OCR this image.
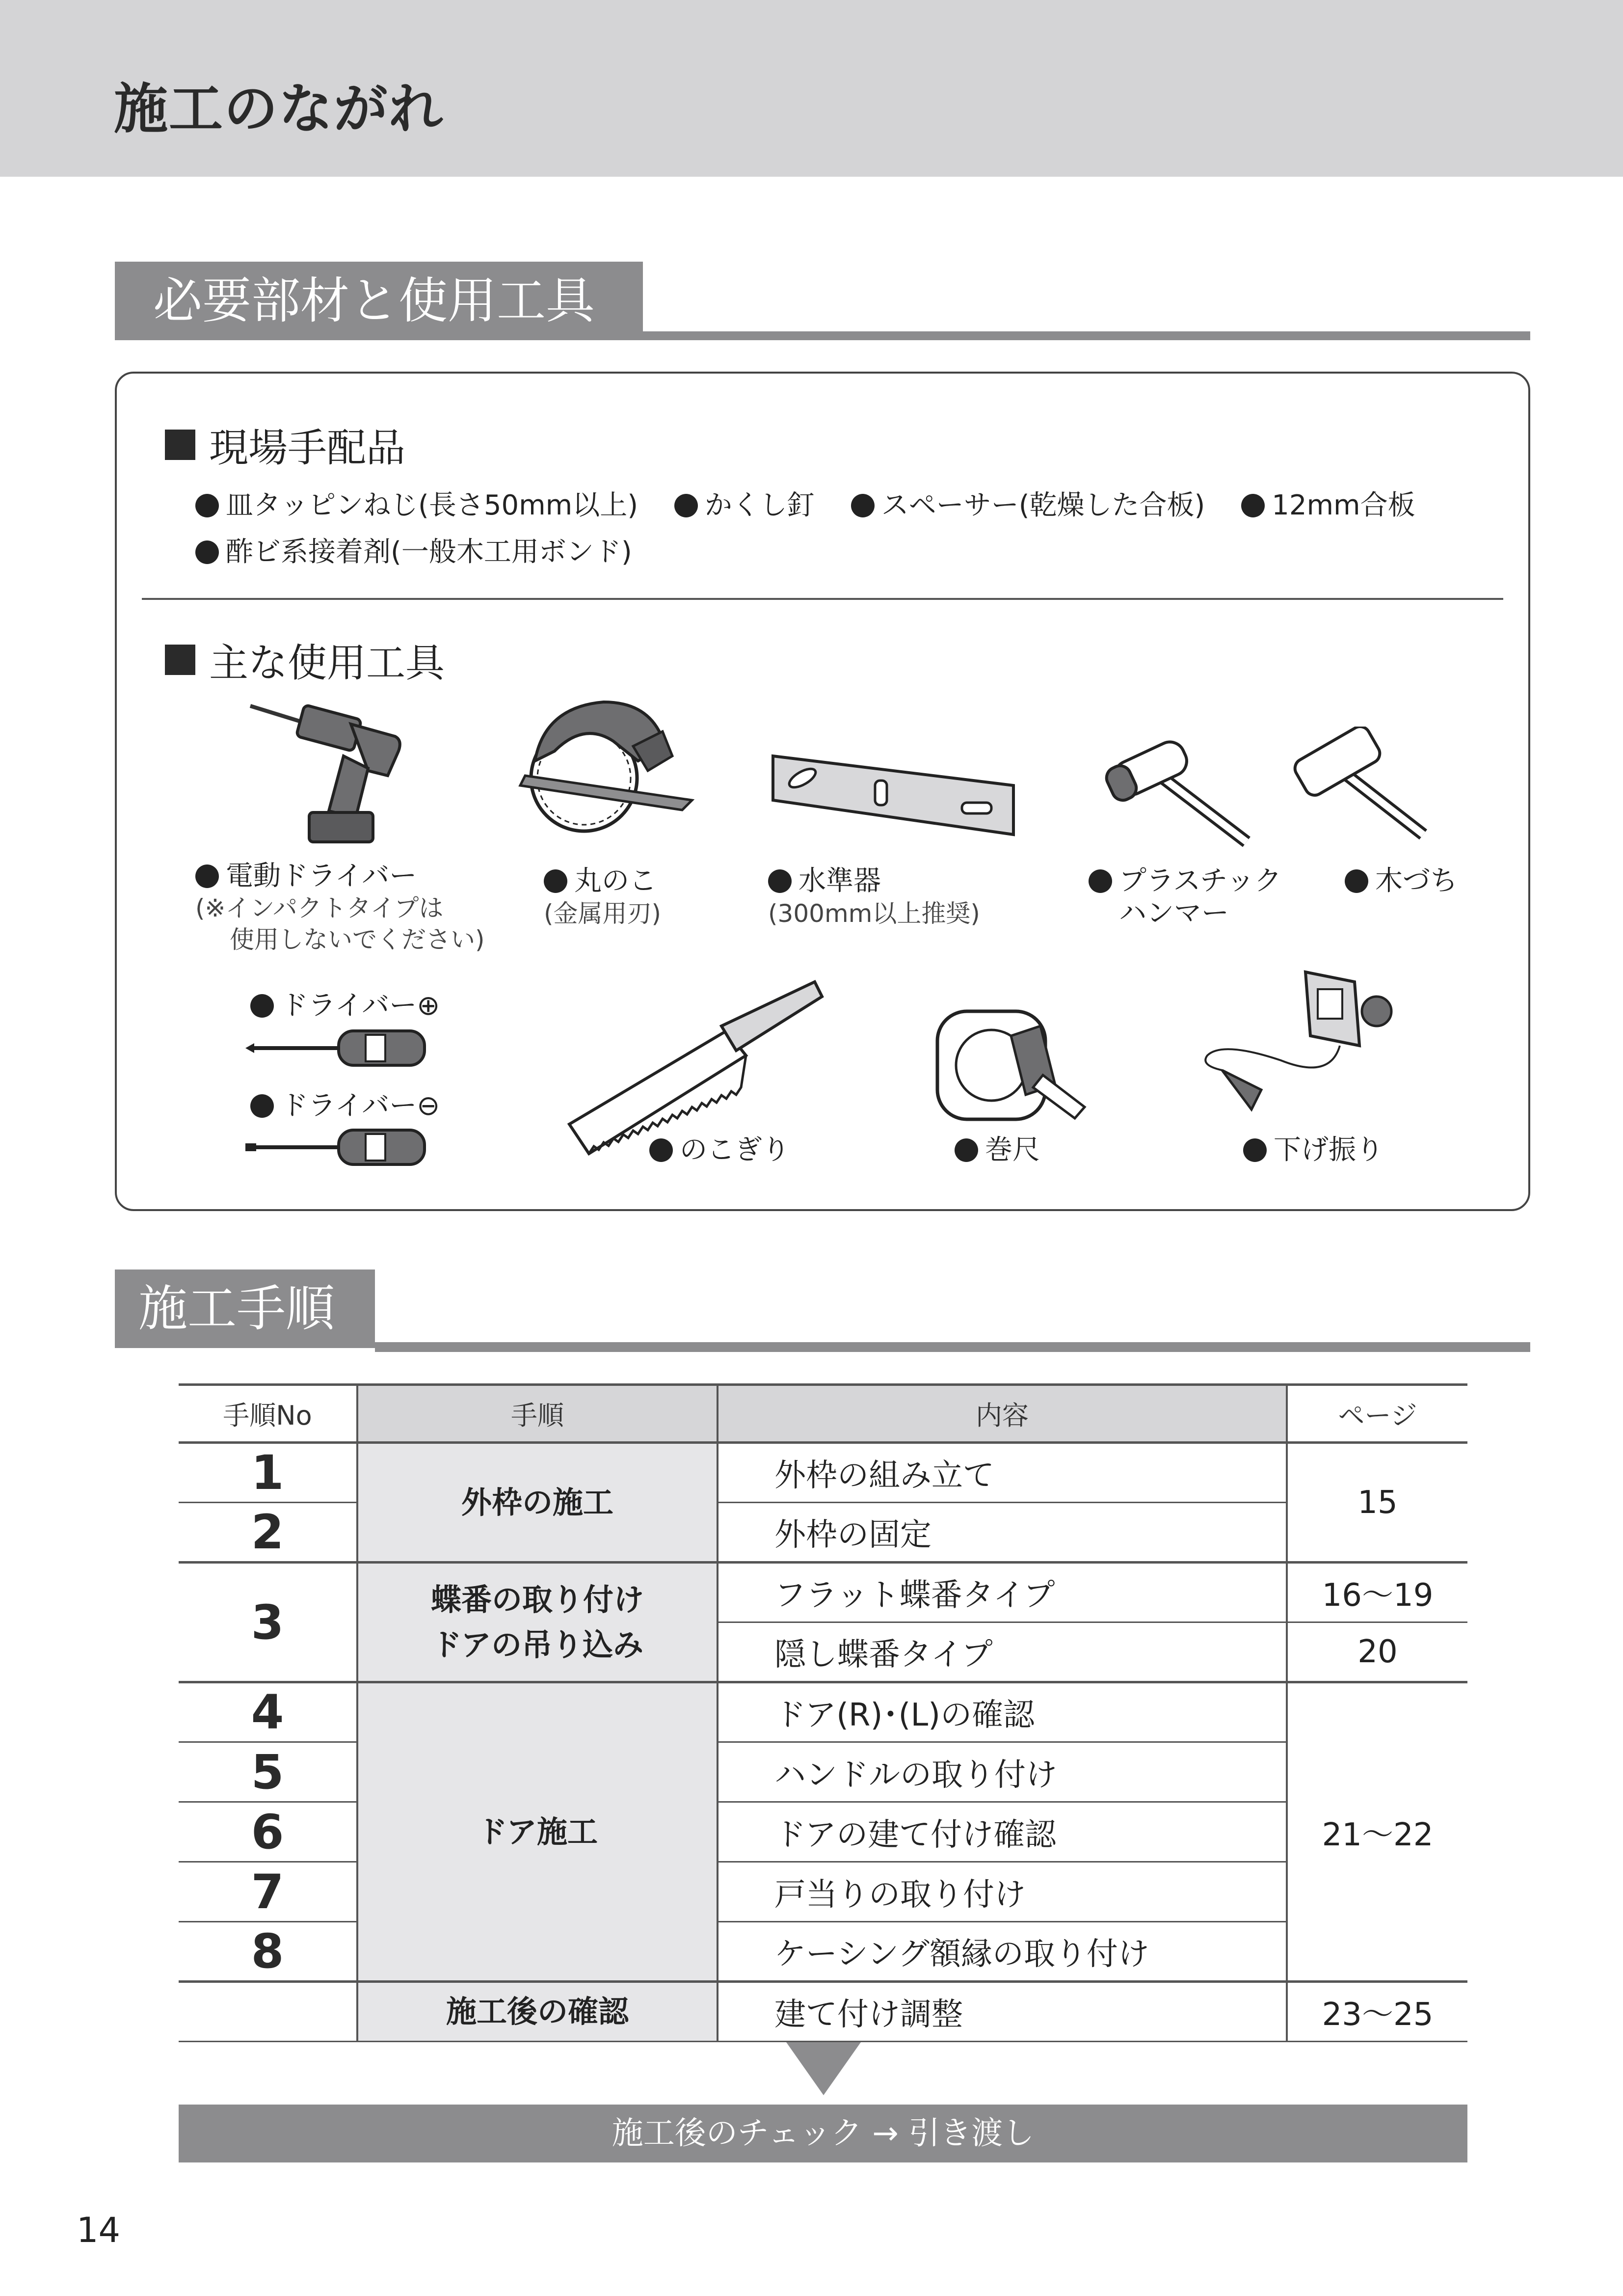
施工のながれ
必要部材と使用工具
現場手配品
皿タッピンねじ(長さ50mm以上) かくし釘 スペーサー(乾燥した合板) 12mm合板
酢ビ系接着剤(一般木工用ボンド)
主な使用工具
電動ドライバー
(※インパクトタイプは
使用しないでください)
丸のこ
(金属用刃)
水準器
(300mm以上推奨)
プラスチック
ハンマー
木づち
ドライバー⊕
ドライバー⊖
のこぎり	巻尺	下げ振り
施工手順
手順No	手順	内容	ページ
1	外枠の施工	外枠の組み立て	15
2		外枠の固定	
3	蝶番の取り付け
ドアの吊り込み	フラット蝶番タイプ	16～19
		隠し蝶番タイプ	20
4	ドア施工	ドア(R)･(L)の確認	21～22
5		ハンドルの取り付け	
6		ドアの建て付け確認	
7		戸当りの取り付け	
8		ケーシング額縁の取り付け	
	施工後の確認	建て付け調整	23～25
施工後のチェック → 引き渡し
14
